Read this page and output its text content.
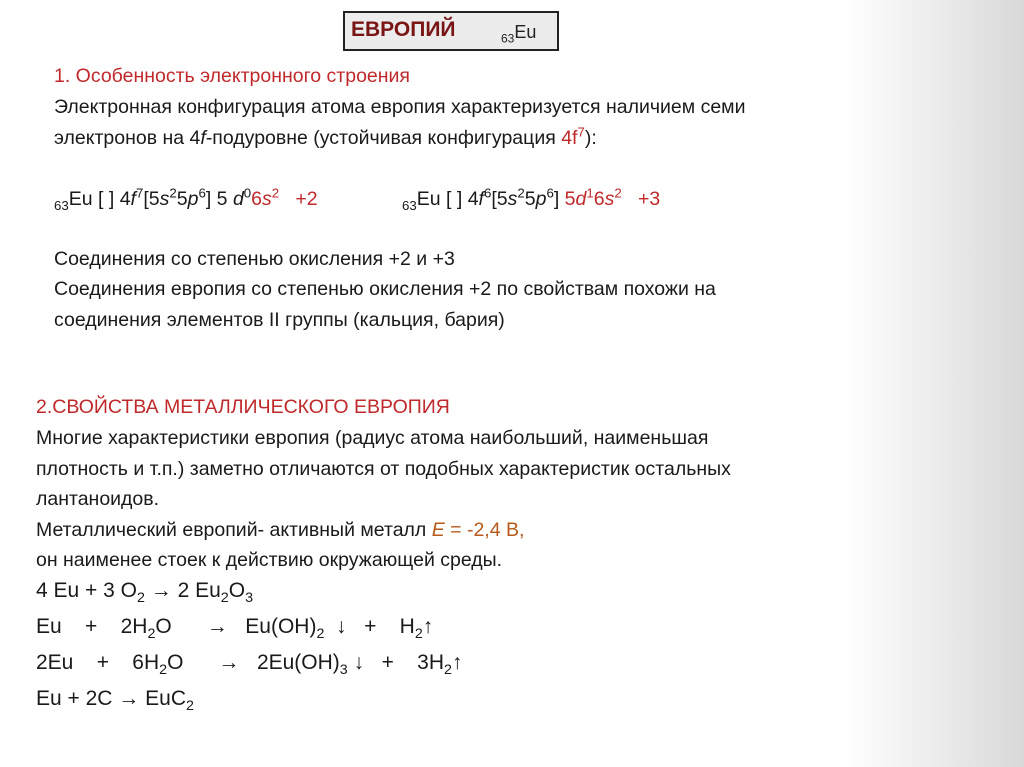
ЕВРОПИЙ	$_{63}$Eu
1. Особенность электронного строения
Электронная конфигурация атома европия характеризуется наличием семи
электронов на 4f-подуровне (устойчивая конфигурация $4f^7$):
$_{63}$Eu [ ] $4f^7[5s^25p^6]$ 5 $d^06s^2 +2$	$_{63}$Eu [ ] $4f^6[5s^25p^6]$ $5d^16s^2 +3$
Соединения со степенью окисления +2 и +3
Соединения европия со степенью окисления +2 по свойствам похожи на
соединения элементов II группы (кальция, бария)
2.СВОЙСТВА МЕТАЛЛИЧЕСКОГО ЕВРОПИЯ
Многие характеристики европия (радиус атома наибольший, наименьшая
плотность и т.п.) заметно отличаются от подобных характеристик остальных
лантаноидов.
Металлический европий- активный металл Е = -2,4 В,
он наименее стоек к действию окружающей среды.
4 Eu + 3 $O_2 \to 2$ $Eu_2O_3$
Eu    +    $2H_2O$      →   $Eu(OH)_2$  ↓   +    $H_2↑$
2Eu    +    $6H_2O$      →   $2Eu(OH)_3$ ↓   +    $3H_2↑$
Eu + 2C → EuC$_2$
